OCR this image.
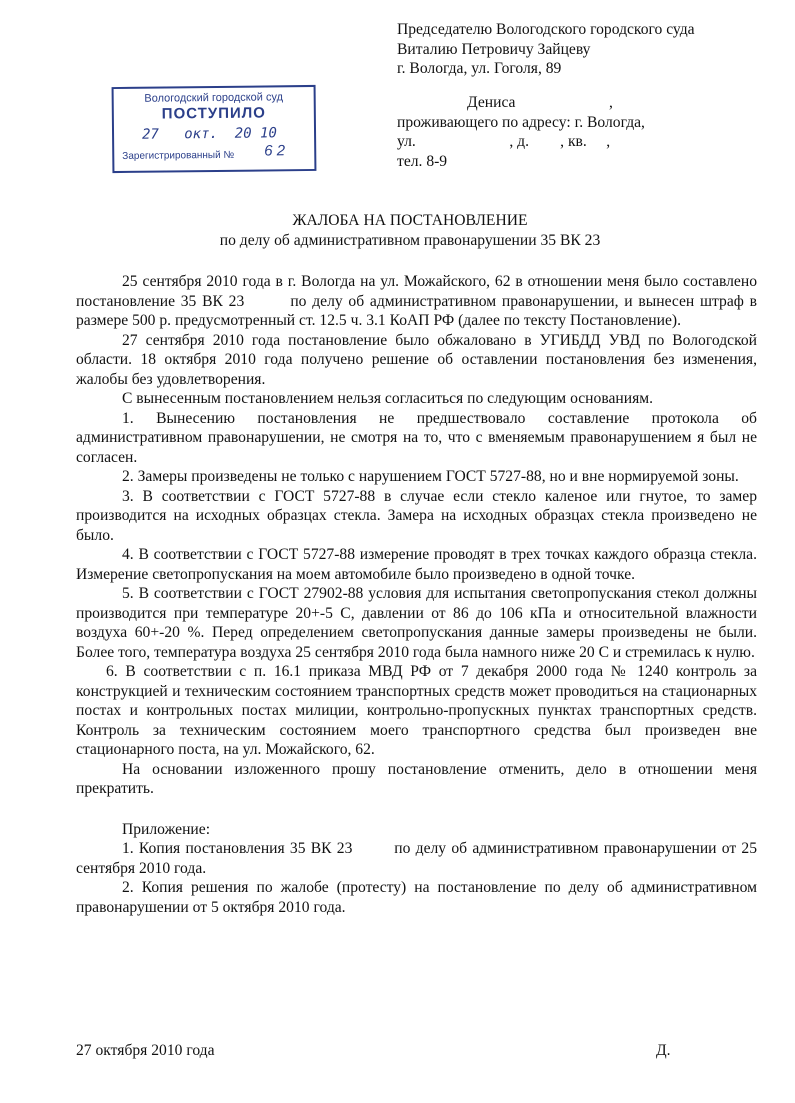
Председателю Вологодского городского суда
Виталию Петровичу Зайцеву
г. Вологда, ул. Гоголя, 89
Дениса                        ,
проживающего по адресу: г. Вологда,
ул.                        , д.        , кв.     ,
тел. 8-9
Вологодский городской суд
ПОСТУПИЛО
27   окт.  20 10
Зарегистрированный № 6 2
ЖАЛОБА НА ПОСТАНОВЛЕНИЕ
по делу об административном правонарушении 35 ВК 23

25 сентября 2010 года в г. Вологда на ул. Можайского, 62 в отношении меня было составлено постановление 35 ВК 23        по делу об административном правонарушении, и вынесен штраф в размере 500 р. предусмотренный ст. 12.5 ч. 3.1 КоАП РФ (далее по тексту Постановление).

27 сентября 2010 года постановление было обжаловано в УГИБДД УВД по Вологодской области. 18 октября 2010 года получено решение об оставлении постановления без изменения, жалобы без удовлетворения.

С вынесенным постановлением нельзя согласиться по следующим основаниям.

1. Вынесению постановления не предшествовало составление протокола об административном правонарушении, не смотря на то, что с вменяемым правонарушением я был не согласен.

2. Замеры произведены не только с нарушением ГОСТ 5727-88, но и вне нормируемой зоны.

3. В соответствии с ГОСТ 5727-88 в случае если стекло каленое или гнутое, то замер производится на исходных образцах стекла. Замера на исходных образцах стекла произведено не было.

4. В соответствии с ГОСТ 5727-88 измерение проводят в трех точках каждого образца стекла. Измерение светопропускания на моем автомобиле было произведено в одной точке.

5. В соответствии с ГОСТ 27902-88 условия для испытания светопропускания стекол должны производится при температуре 20+-5 С, давлении от 86 до 106 кПа и относительной влажности воздуха 60+-20 %. Перед определением светопропускания данные замеры произведены не были. Более того, температура воздуха 25 сентября 2010 года была намного ниже 20 С и стремилась к нулю.

6. В соответствии с п. 16.1 приказа МВД РФ от 7 декабря 2000 года № 1240 контроль за конструкцией и техническим состоянием транспортных средств может проводиться на стационарных постах и контрольных постах милиции, контрольно-пропускных пунктах транспортных средств. Контроль за техническим состоянием моего транспортного средства был произведен вне стационарного поста, на ул. Можайского, 62.

На основании изложенного прошу постановление отменить, дело в отношении меня прекратить.

Приложение:

1. Копия постановления 35 ВК 23        по делу об административном правонарушении от 25 сентября 2010 года.

2. Копия решения по жалобе (протесту) на постановление по делу об административном правонарушении от 5 октября 2010 года.

27 октября 2010 года	Д.
